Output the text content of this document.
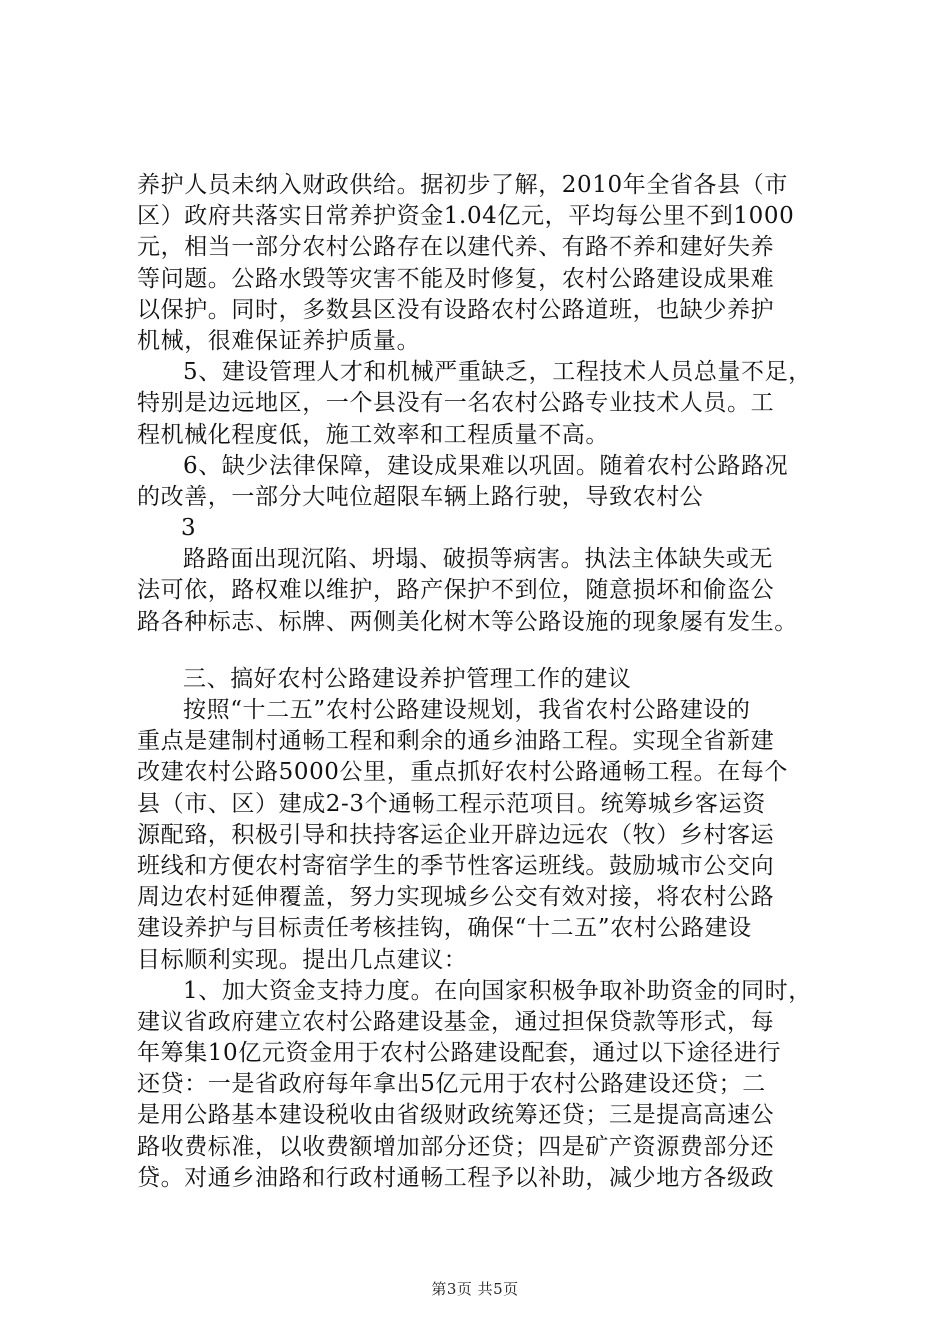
养护人员未纳入财政供给。据初步了解，2010年全省各县（市
区）政府共落实日常养护资金1.04亿元，平均每公里不到1000
元，相当一部分农村公路存在以建代养、有路不养和建好失养
等问题。公路水毁等灾害不能及时修复，农村公路建设成果难
以保护。同时，多数县区没有设路农村公路道班，也缺少养护
机械，很难保证养护质量。
5、建设管理人才和机械严重缺乏，工程技术人员总量不足，
特别是边远地区，一个县没有一名农村公路专业技术人员。工
程机械化程度低，施工效率和工程质量不高。
6、缺少法律保障，建设成果难以巩固。随着农村公路路况
的改善，一部分大吨位超限车辆上路行驶，导致农村公
3
路路面出现沉陷、坍塌、破损等病害。执法主体缺失或无
法可依，路权难以维护，路产保护不到位，随意损坏和偷盗公
路各种标志、标牌、两侧美化树木等公路设施的现象屡有发生。
三、搞好农村公路建设养护管理工作的建议
按照“十二五”农村公路建设规划，我省农村公路建设的
重点是建制村通畅工程和剩余的通乡油路工程。实现全省新建
改建农村公路5000公里，重点抓好农村公路通畅工程。在每个
县（市、区）建成2-3个通畅工程示范项目。统筹城乡客运资
源配臵，积极引导和扶持客运企业开辟边远农（牧）乡村客运
班线和方便农村寄宿学生的季节性客运班线。鼓励城市公交向
周边农村延伸覆盖，努力实现城乡公交有效对接，将农村公路
建设养护与目标责任考核挂钩，确保“十二五”农村公路建设
目标顺利实现。提出几点建议：
1、加大资金支持力度。在向国家积极争取补助资金的同时，
建议省政府建立农村公路建设基金，通过担保贷款等形式，每
年筹集10亿元资金用于农村公路建设配套，通过以下途径进行
还贷：一是省政府每年拿出5亿元用于农村公路建设还贷；二
是用公路基本建设税收由省级财政统筹还贷；三是提高高速公
路收费标准，以收费额增加部分还贷；四是矿产资源费部分还
贷。对通乡油路和行政村通畅工程予以补助，减少地方各级政
第3页 共5页
